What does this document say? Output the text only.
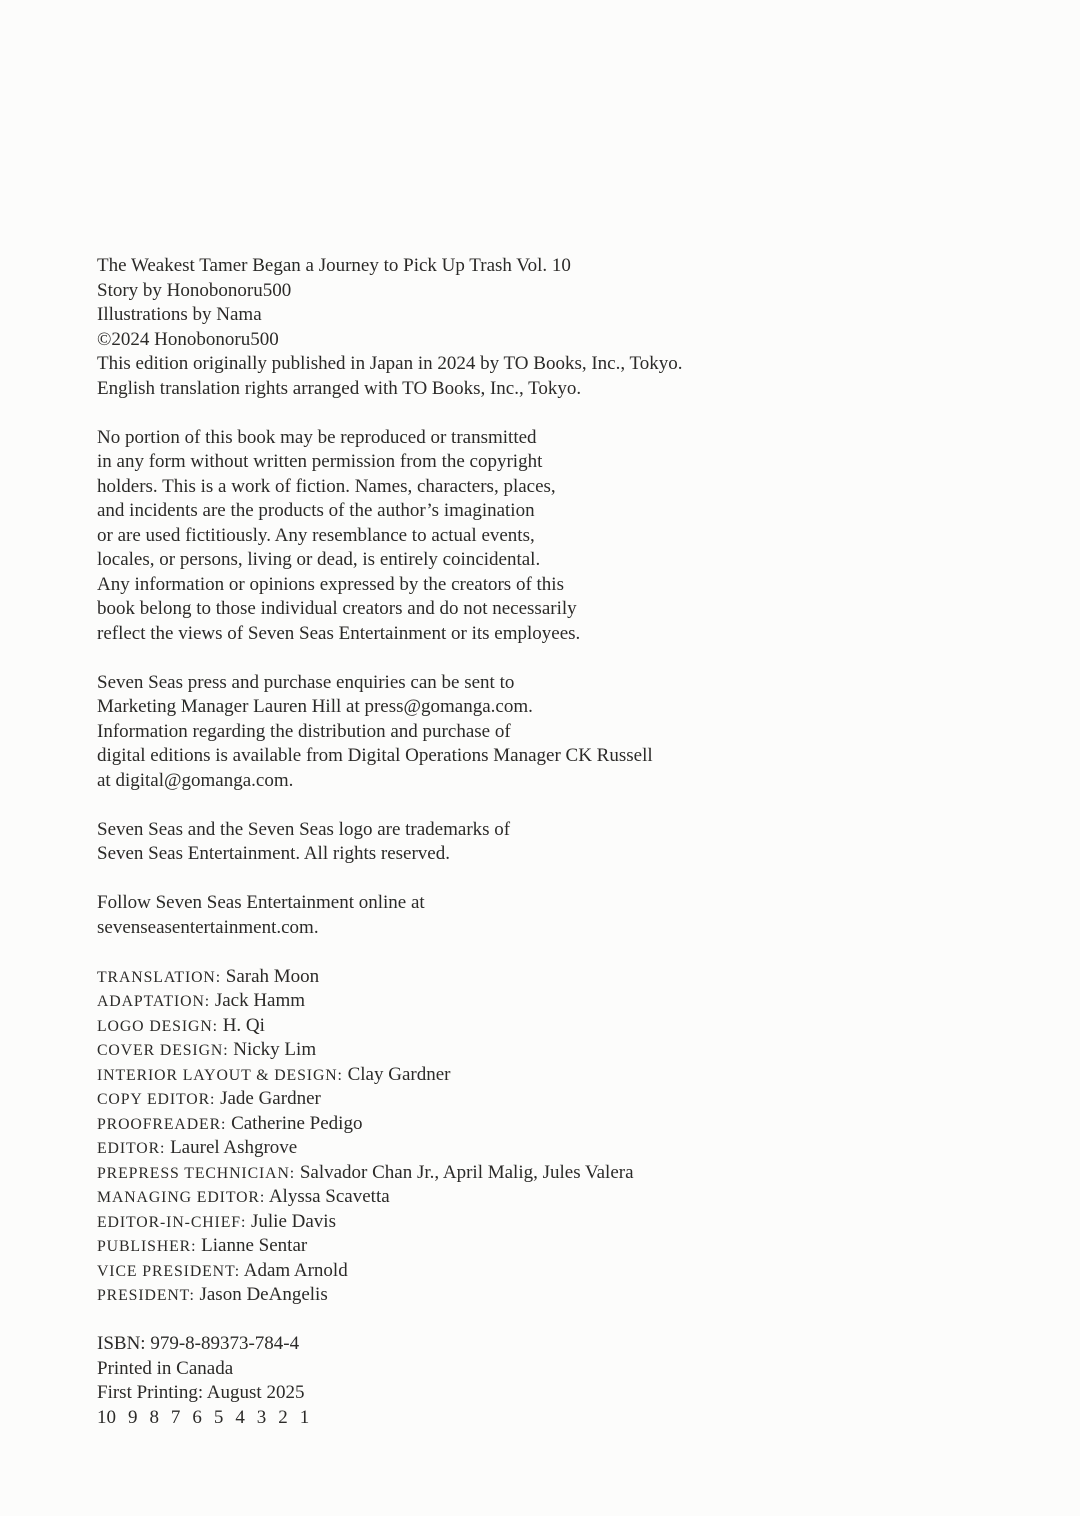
The Weakest Tamer Began a Journey to Pick Up Trash Vol. 10
Story by Honobonoru500
Illustrations by Nama
©2024 Honobonoru500
This edition originally published in Japan in 2024 by TO Books, Inc., Tokyo.
English translation rights arranged with TO Books, Inc., Tokyo.

No portion of this book may be reproduced or transmitted
in any form without written permission from the copyright
holders. This is a work of fiction. Names, characters, places,
and incidents are the products of the author’s imagination
or are used fictitiously. Any resemblance to actual events,
locales, or persons, living or dead, is entirely coincidental.
Any information or opinions expressed by the creators of this
book belong to those individual creators and do not necessarily
reflect the views of Seven Seas Entertainment or its employees.

Seven Seas press and purchase enquiries can be sent to
Marketing Manager Lauren Hill at press@gomanga.com.
Information regarding the distribution and purchase of
digital editions is available from Digital Operations Manager CK Russell
at digital@gomanga.com.

Seven Seas and the Seven Seas logo are trademarks of
Seven Seas Entertainment. All rights reserved.

Follow Seven Seas Entertainment online at
sevenseasentertainment.com.

TRANSLATION: Sarah Moon
ADAPTATION: Jack Hamm
LOGO DESIGN: H. Qi
COVER DESIGN: Nicky Lim
INTERIOR LAYOUT & DESIGN: Clay Gardner
COPY EDITOR: Jade Gardner
PROOFREADER: Catherine Pedigo
EDITOR: Laurel Ashgrove
PREPRESS TECHNICIAN: Salvador Chan Jr., April Malig, Jules Valera
MANAGING EDITOR: Alyssa Scavetta
EDITOR-IN-CHIEF: Julie Davis
PUBLISHER: Lianne Sentar
VICE PRESIDENT: Adam Arnold
PRESIDENT: Jason DeAngelis
ISBN: 979-8-89373-784-4
Printed in Canada
First Printing: August 2025
10 9 8 7 6 5 4 3 2 1
